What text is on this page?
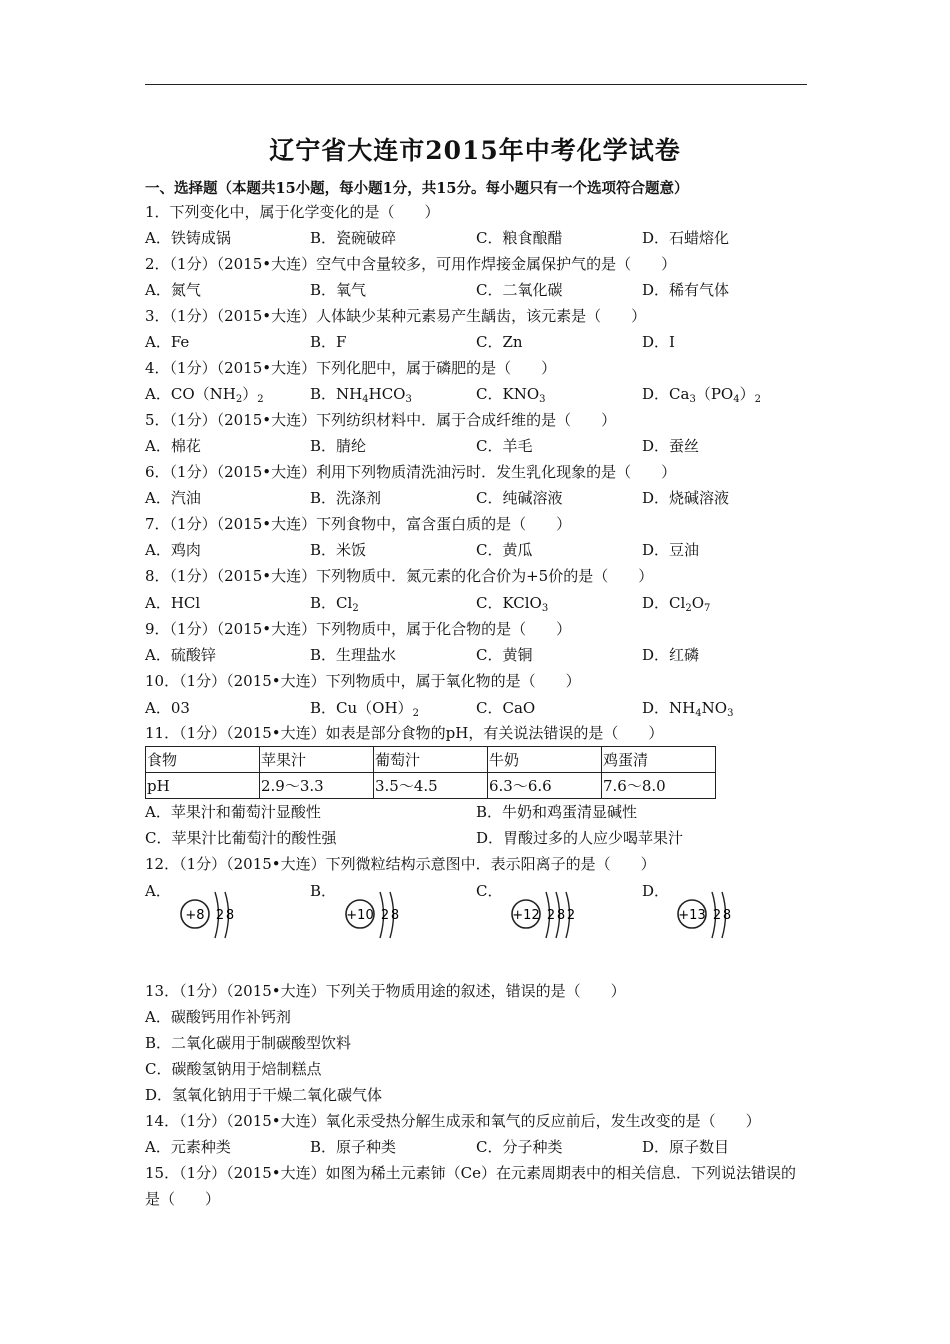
辽宁省大连市2015年中考化学试卷
一、选择题（本题共15小题，每小题1分，共15分。每小题只有一个选项符合题意）
1．下列变化中，属于化学变化的是（　　）
A．铁铸成锅	B．瓷碗破碎	C．粮食酿醋	D．石蜡熔化
2．（1分）（2015•大连）空气中含量较多，可用作焊接金属保护气的是（　　）
A．氮气	B．氧气	C．二氧化碳	D．稀有气体
3．（1分）（2015•大连）人体缺少某种元素易产生龋齿，该元素是（　　）
A．Fe	B．F	C．Zn	D．I
4．（1分）（2015•大连）下列化肥中，属于磷肥的是（　　）
A．$CO(NH_2)_2$	B．$NH_4HCO_3$	C．$KNO_3$	D．$Ca_3(PO_4)_2$
5．（1分）（2015•大连）下列纺织材料中．属于合成纤维的是（　　）
A．棉花	B．腈纶	C．羊毛	D．蚕丝
6．（1分）（2015•大连）利用下列物质清洗油污时．发生乳化现象的是（　　）
A．汽油	B．洗涤剂	C．纯碱溶液	D．烧碱溶液
7．（1分）（2015•大连）下列食物中，富含蛋白质的是（　　）
A．鸡肉	B．米饭	C．黄瓜	D．豆油
8．（1分）（2015•大连）下列物质中．氮元素的化合价为+5价的是（　　）
A．HCl	B．$Cl_2$	C．KClO$_3$	D．$Cl_2O_7$
9．（1分）（2015•大连）下列物质中，属于化合物的是（　　）
A．硫酸锌	B．生理盐水	C．黄铜	D．红磷
10．（1分）（2015•大连）下列物质中，属于氧化物的是（　　）
A．03	B．$Cu(OH)_2$	C．CaO	D．$NH_4NO_3$
11．（1分）（2015•大连）如表是部分食物的pH，有关说法错误的是（　　）
食物	苹果汁	葡萄汁	牛奶	鸡蛋清
pH	2.9～3.3	3.5～4.5	6.3～6.6	7.6～8.0
A．苹果汁和葡萄汁显酸性	B．牛奶和鸡蛋清显碱性
C．苹果汁比葡萄汁的酸性强	D．胃酸过多的人应少喝苹果汁
12．（1分）（2015•大连）下列微粒结构示意图中．表示阳离子的是（　　）
A．	B．	C．	D．
+8 2 8	+10 2 8	+12 2 8 2	+13 2 8
13．（1分）（2015•大连）下列关于物质用途的叙述，错误的是（　　）
A．碳酸钙用作补钙剂
B．二氧化碳用于制碳酸型饮料
C．碳酸氢钠用于焙制糕点
D．氢氧化钠用于干燥二氧化碳气体
14．（1分）（2015•大连）氧化汞受热分解生成汞和氧气的反应前后，发生改变的是（　　）
A．元素种类	B．原子种类	C．分子种类	D．原子数目
15．（1分）（2015•大连）如图为稀土元素铈（Ce）在元素周期表中的相关信息．下列说法错误的是（　　）
